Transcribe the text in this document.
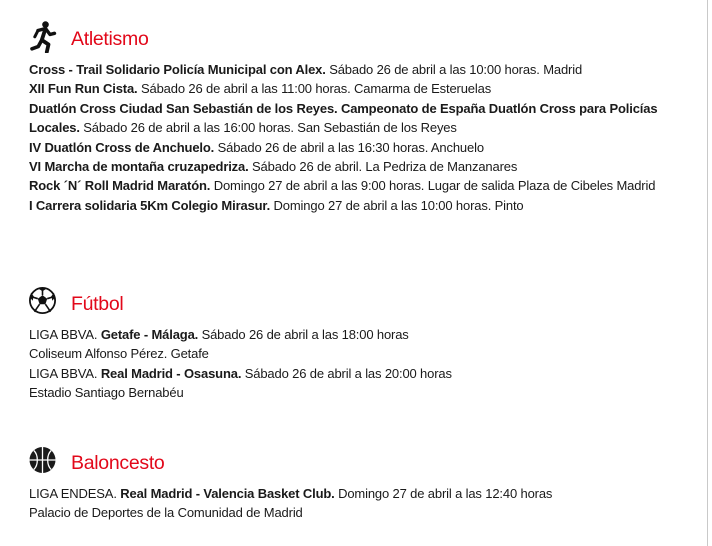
Atletismo
Cross - Trail Solidario Policía Municipal con Alex. Sábado 26 de abril a las 10:00 horas. Madrid
XII Fun Run Cista. Sábado 26 de abril a las 11:00 horas. Camarma de Esteruelas
Duatlón Cross Ciudad San Sebastián de los Reyes. Campeonato de España Duatlón Cross para Policías Locales. Sábado 26 de abril a las 16:00 horas. San Sebastián de los Reyes
IV Duatlón Cross de Anchuelo. Sábado 26 de abril a las 16:30 horas. Anchuelo
VI Marcha de montaña cruzapedriza. Sábado 26 de abril. La Pedriza de Manzanares
Rock ´N´ Roll Madrid Maratón. Domingo 27 de abril a las 9:00 horas. Lugar de salida Plaza de Cibeles Madrid
I Carrera solidaria 5Km Colegio Mirasur. Domingo 27 de abril a las 10:00 horas. Pinto
Fútbol
LIGA BBVA. Getafe - Málaga. Sábado 26 de abril a las 18:00 horas
Coliseum Alfonso Pérez. Getafe
LIGA BBVA. Real Madrid - Osasuna. Sábado 26 de abril a las 20:00 horas
Estadio Santiago Bernabéu
Baloncesto
LIGA ENDESA. Real Madrid - Valencia Basket Club. Domingo 27 de abril a las 12:40 horas
Palacio de Deportes de la Comunidad de Madrid
